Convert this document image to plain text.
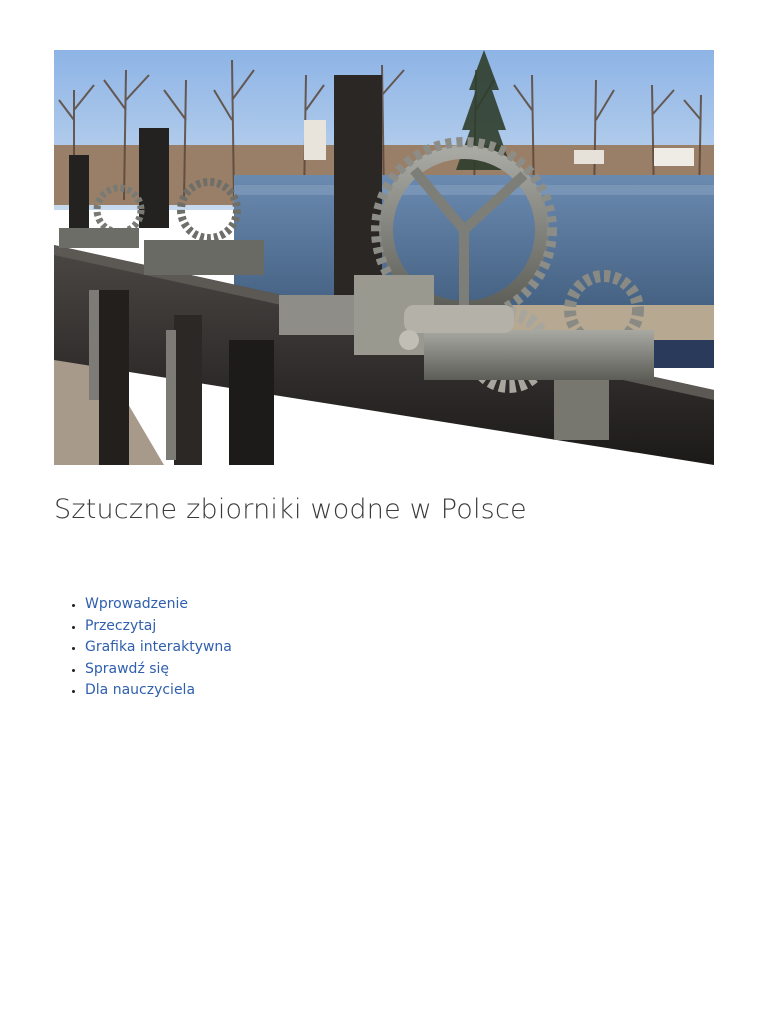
Sztuczne zbiorniki wodne w Polsce
• Wprowadzenie
• Przeczytaj
• Grafika interaktywna
• Sprawdź się
• Dla nauczyciela
